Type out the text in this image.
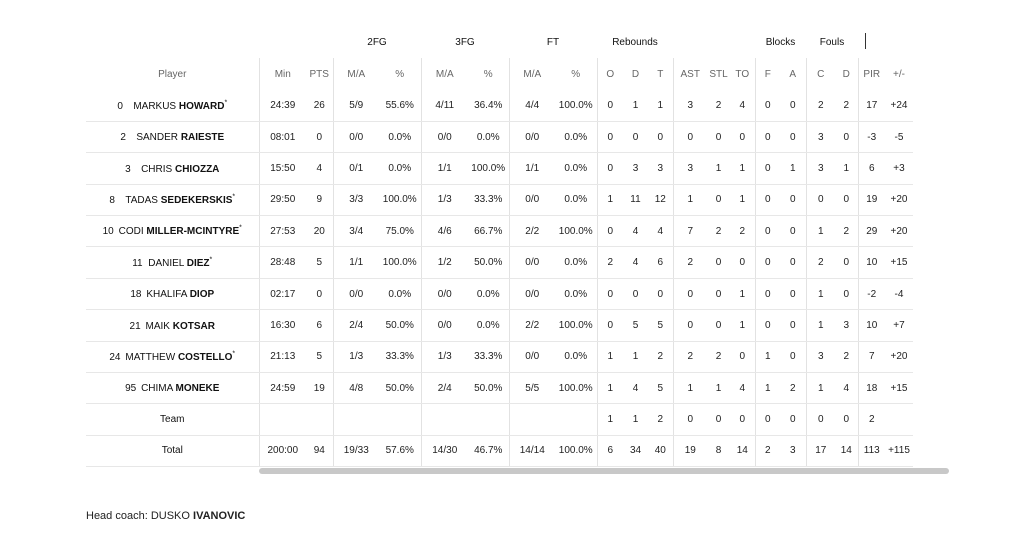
			2FG		3FG		FT		Rebounds						Blocks		Fouls			
Player	Min	PTS	M/A	%	M/A	%	M/A	%	O	D	T	AST	STL	TO	F	A	C	D	PIR	+/-
0 MARKUS HOWARD*	24:39	26	5/9	55.6%	4/11	36.4%	4/4	100.0%	0	1	1	3	2	4	0	0	2	2	17	+24
2 SANDER RAIESTE	08:01	0	0/0	0.0%	0/0	0.0%	0/0	0.0%	0	0	0	0	0	0	0	0	3	0	-3	-5
3 CHRIS CHIOZZA	15:50	4	0/1	0.0%	1/1	100.0%	1/1	0.0%	0	3	3	3	1	1	0	1	3	1	6	+3
8 TADAS SEDEKERSKIS*	29:50	9	3/3	100.0%	1/3	33.3%	0/0	0.0%	1	11	12	1	0	1	0	0	0	0	19	+20
10 CODI MILLER-MCINTYRE*	27:53	20	3/4	75.0%	4/6	66.7%	2/2	100.0%	0	4	4	7	2	2	0	0	1	2	29	+20
11 DANIEL DIEZ*	28:48	5	1/1	100.0%	1/2	50.0%	0/0	0.0%	2	4	6	2	0	0	0	0	2	0	10	+15
18 KHALIFA DIOP	02:17	0	0/0	0.0%	0/0	0.0%	0/0	0.0%	0	0	0	0	0	1	0	0	1	0	-2	-4
21 MAIK KOTSAR	16:30	6	2/4	50.0%	0/0	0.0%	2/2	100.0%	0	5	5	0	0	1	0	0	1	3	10	+7
24 MATTHEW COSTELLO*	21:13	5	1/3	33.3%	1/3	33.3%	0/0	0.0%	1	1	2	2	2	0	1	0	3	2	7	+20
95 CHIMA MONEKE	24:59	19	4/8	50.0%	2/4	50.0%	5/5	100.0%	1	4	5	1	1	4	1	2	1	4	18	+15
Team									1	1	2	0	0	0	0	0	0	0	2	
Total	200:00	94	19/33	57.6%	14/30	46.7%	14/14	100.0%	6	34	40	19	8	14	2	3	17	14	113	+115
Head coach: DUSKO IVANOVIC
